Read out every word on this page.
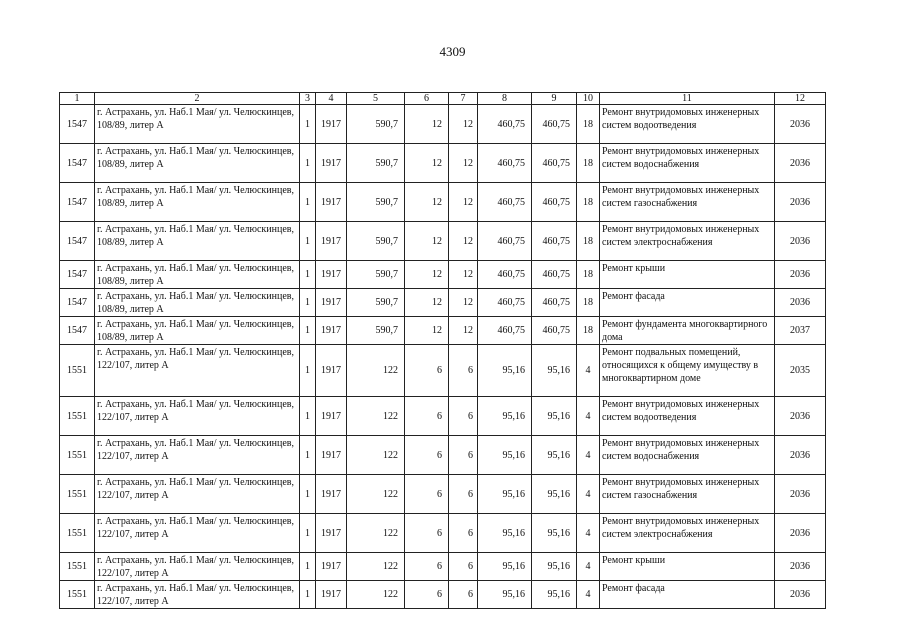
4309
1	2	3	4	5	6	7	8	9	10	11	12
1547	г. Астрахань, ул. Наб.1 Мая/ ул. Челюскинцев, 108/89, литер А	1	1917	590,7	12	12	460,75	460,75	18	Ремонт внутридомовых инженерных систем водоотведения	2036
1547	г. Астрахань, ул. Наб.1 Мая/ ул. Челюскинцев, 108/89, литер А	1	1917	590,7	12	12	460,75	460,75	18	Ремонт внутридомовых инженерных систем водоснабжения	2036
1547	г. Астрахань, ул. Наб.1 Мая/ ул. Челюскинцев, 108/89, литер А	1	1917	590,7	12	12	460,75	460,75	18	Ремонт внутридомовых инженерных систем газоснабжения	2036
1547	г. Астрахань, ул. Наб.1 Мая/ ул. Челюскинцев, 108/89, литер А	1	1917	590,7	12	12	460,75	460,75	18	Ремонт внутридомовых инженерных систем электроснабжения	2036
1547	г. Астрахань, ул. Наб.1 Мая/ ул. Челюскинцев, 108/89, литер А	1	1917	590,7	12	12	460,75	460,75	18	Ремонт крыши	2036
1547	г. Астрахань, ул. Наб.1 Мая/ ул. Челюскинцев, 108/89, литер А	1	1917	590,7	12	12	460,75	460,75	18	Ремонт фасада	2036
1547	г. Астрахань, ул. Наб.1 Мая/ ул. Челюскинцев, 108/89, литер А	1	1917	590,7	12	12	460,75	460,75	18	Ремонт фундамента многоквартирного дома	2037
1551	г. Астрахань, ул. Наб.1 Мая/ ул. Челюскинцев, 122/107, литер А	1	1917	122	6	6	95,16	95,16	4	Ремонт подвальных помещений, относящихся к общему имуществу в многоквартирном доме	2035
1551	г. Астрахань, ул. Наб.1 Мая/ ул. Челюскинцев, 122/107, литер А	1	1917	122	6	6	95,16	95,16	4	Ремонт внутридомовых инженерных систем водоотведения	2036
1551	г. Астрахань, ул. Наб.1 Мая/ ул. Челюскинцев, 122/107, литер А	1	1917	122	6	6	95,16	95,16	4	Ремонт внутридомовых инженерных систем водоснабжения	2036
1551	г. Астрахань, ул. Наб.1 Мая/ ул. Челюскинцев, 122/107, литер А	1	1917	122	6	6	95,16	95,16	4	Ремонт внутридомовых инженерных систем газоснабжения	2036
1551	г. Астрахань, ул. Наб.1 Мая/ ул. Челюскинцев, 122/107, литер А	1	1917	122	6	6	95,16	95,16	4	Ремонт внутридомовых инженерных систем электроснабжения	2036
1551	г. Астрахань, ул. Наб.1 Мая/ ул. Челюскинцев, 122/107, литер А	1	1917	122	6	6	95,16	95,16	4	Ремонт крыши	2036
1551	г. Астрахань, ул. Наб.1 Мая/ ул. Челюскинцев, 122/107, литер А	1	1917	122	6	6	95,16	95,16	4	Ремонт фасада	2036
